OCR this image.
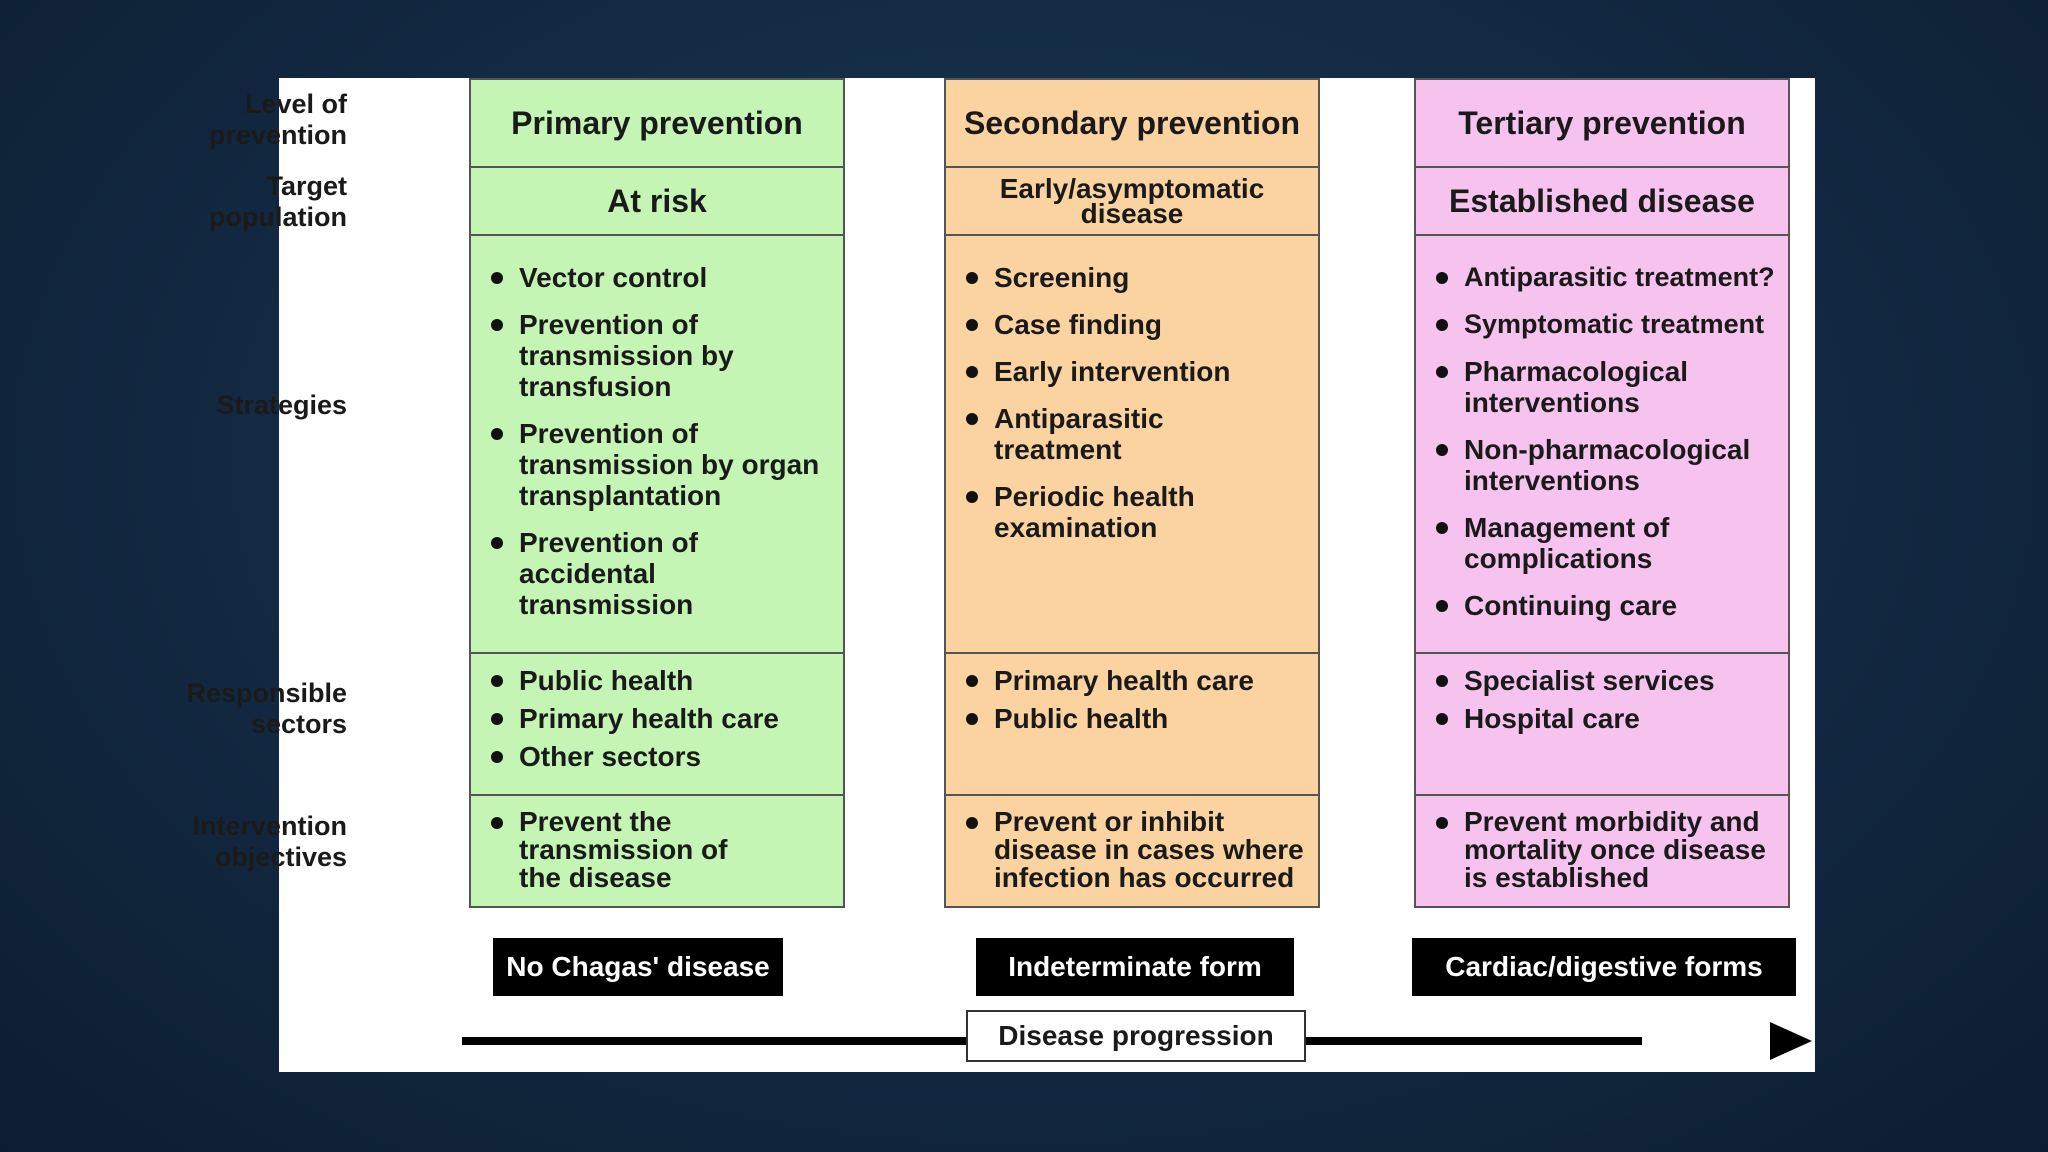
Level of
prevention
Target
population
Strategies
Responsible
sectors
Intervention
objectives
Primary prevention
At risk
Vector control
Prevention of transmission by transfusion
Prevention of transmission by organ transplantation
Prevention of accidental transmission
Public health
Primary health care
Other sectors
Prevent the transmission of the disease
Secondary prevention
Early/asymptomatic disease
Screening
Case finding
Early intervention
Antiparasitic treatment
Periodic health examination
Primary health care
Public health
Prevent or inhibit disease in cases where infection has occurred
Tertiary prevention
Established disease
Antiparasitic treatment?
Symptomatic treatment
Pharmacological interventions
Non-pharmacological interventions
Management of complications
Continuing care
Specialist services
Hospital care
Prevent morbidity and mortality once disease is established
No Chagas' disease	Indeterminate form	Cardiac/digestive forms
Disease progression
